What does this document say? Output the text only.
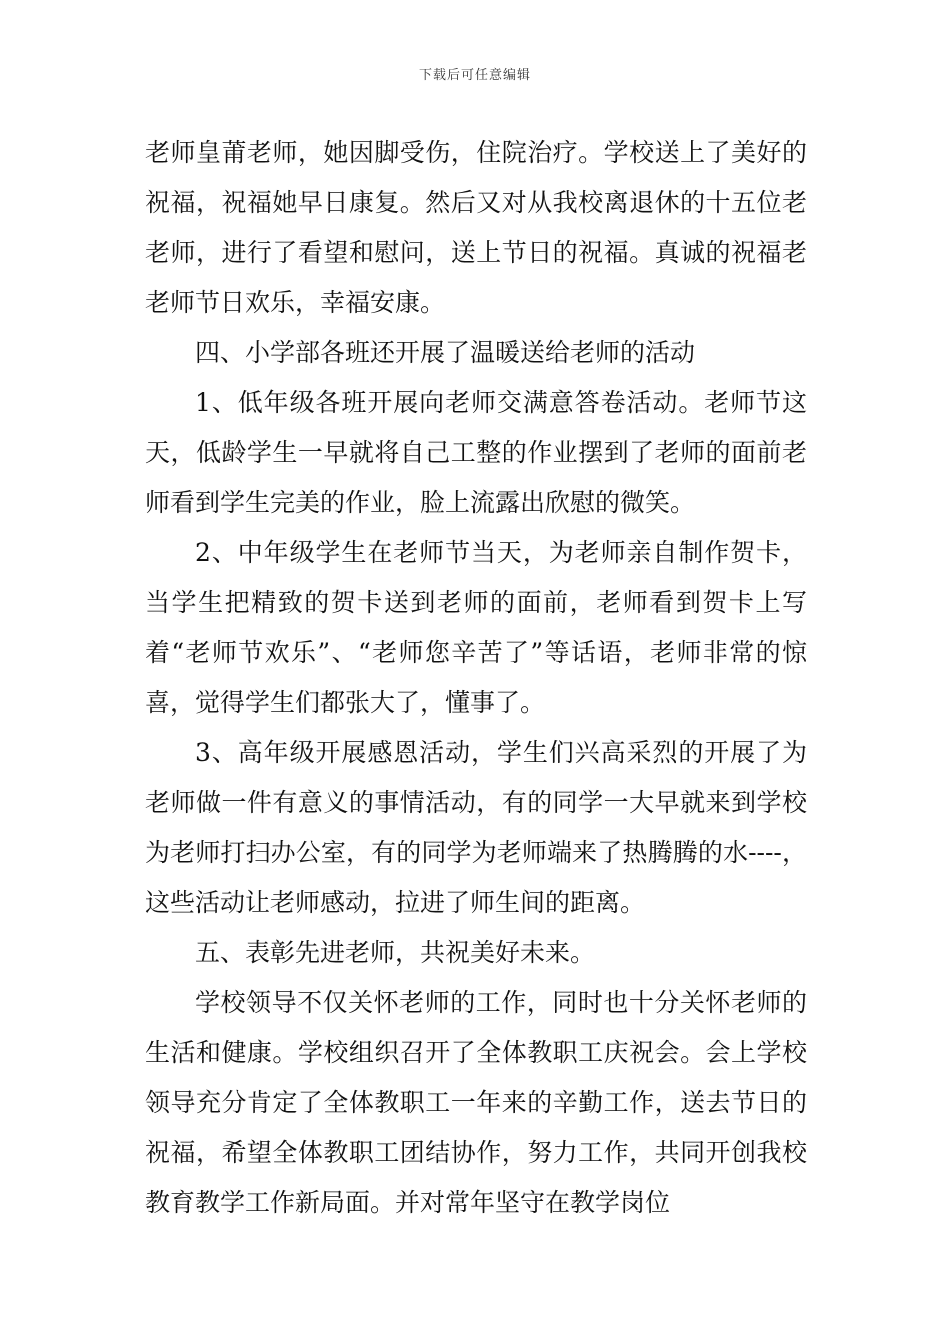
下载后可任意编辑

老师皇莆老师，她因脚受伤，住院治疗。学校送上了美好的祝福，祝福她早日康复。然后又对从我校离退休的十五位老老师，进行了看望和慰问，送上节日的祝福。真诚的祝福老老师节日欢乐，幸福安康。

四、小学部各班还开展了温暖送给老师的活动

1、低年级各班开展向老师交满意答卷活动。老师节这天，低龄学生一早就将自己工整的作业摆到了老师的面前老师看到学生完美的作业，脸上流露出欣慰的微笑。

2、中年级学生在老师节当天，为老师亲自制作贺卡，当学生把精致的贺卡送到老师的面前，老师看到贺卡上写着“老师节欢乐”、“老师您辛苦了”等话语，老师非常的惊喜，觉得学生们都张大了，懂事了。

3、高年级开展感恩活动，学生们兴高采烈的开展了为老师做一件有意义的事情活动，有的同学一大早就来到学校为老师打扫办公室，有的同学为老师端来了热腾腾的水----，这些活动让老师感动，拉进了师生间的距离。

五、表彰先进老师，共祝美好未来。

学校领导不仅关怀老师的工作，同时也十分关怀老师的生活和健康。学校组织召开了全体教职工庆祝会。会上学校领导充分肯定了全体教职工一年来的辛勤工作，送去节日的祝福，希望全体教职工团结协作，努力工作，共同开创我校教育教学工作新局面。并对常年坚守在教学岗位
